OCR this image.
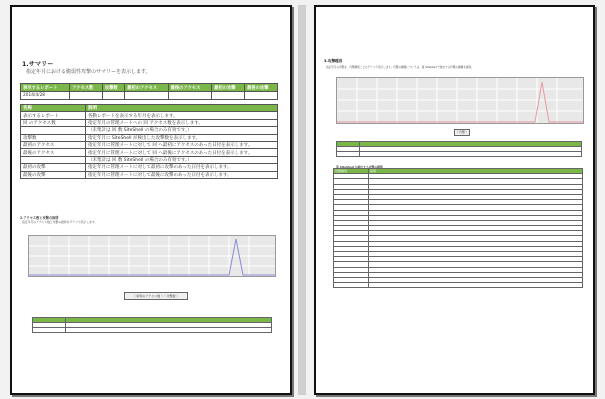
1.サマリー
指定年月における脆弱性攻撃のサマリーを表示します。
表示するレポート	アクセス数	攻撃数	最初のアクセス	最後のアクセス	最初の攻撃	最後の攻撃
2014/4/28						
名称	説明
表示するレポート	各動レポートを表示する年月を表示します。
回 のアクセス数	指定年月の管理メートへの 回 アクセス数を表示します。
	（未集計は 回 数 SiteShell の場合のみ有効です。）
攻撃数	指定年月に SiteShell が検出した攻撃数を表示します。
最初のアクセス	指定年月に管理メートに対して 回 へ最初にアクセスのあった日付を表示します。
最後のアクセス	指定年月に管理メートに対して 回 へ最後にアクセスのあった日付を表示します。
	（未集計は 回 数 SiteShell の場合のみ有効です。）
最初の攻撃	指定年月に管理メートに対して最初に攻撃のあった日付を表示します。
最後の攻撃	指定年月に管理メートに対して最後に攻撃のあった日付を表示します。
2.アクセス数と攻撃の推移
指定年月のアクセス数と攻撃の推移をグラフで表示します。
（ 時刻のアクセス数 ）（ 攻撃数 ）

3.攻撃種別
指定年月の攻撃を、攻撃種別ごとのグラフで表示します。攻撃の種類については、第 SiteShell で検出する攻撃の種類を参照。
（ 攻撃 ）

第 SiteShell が検出する攻撃の種類
攻撃種別	説明
